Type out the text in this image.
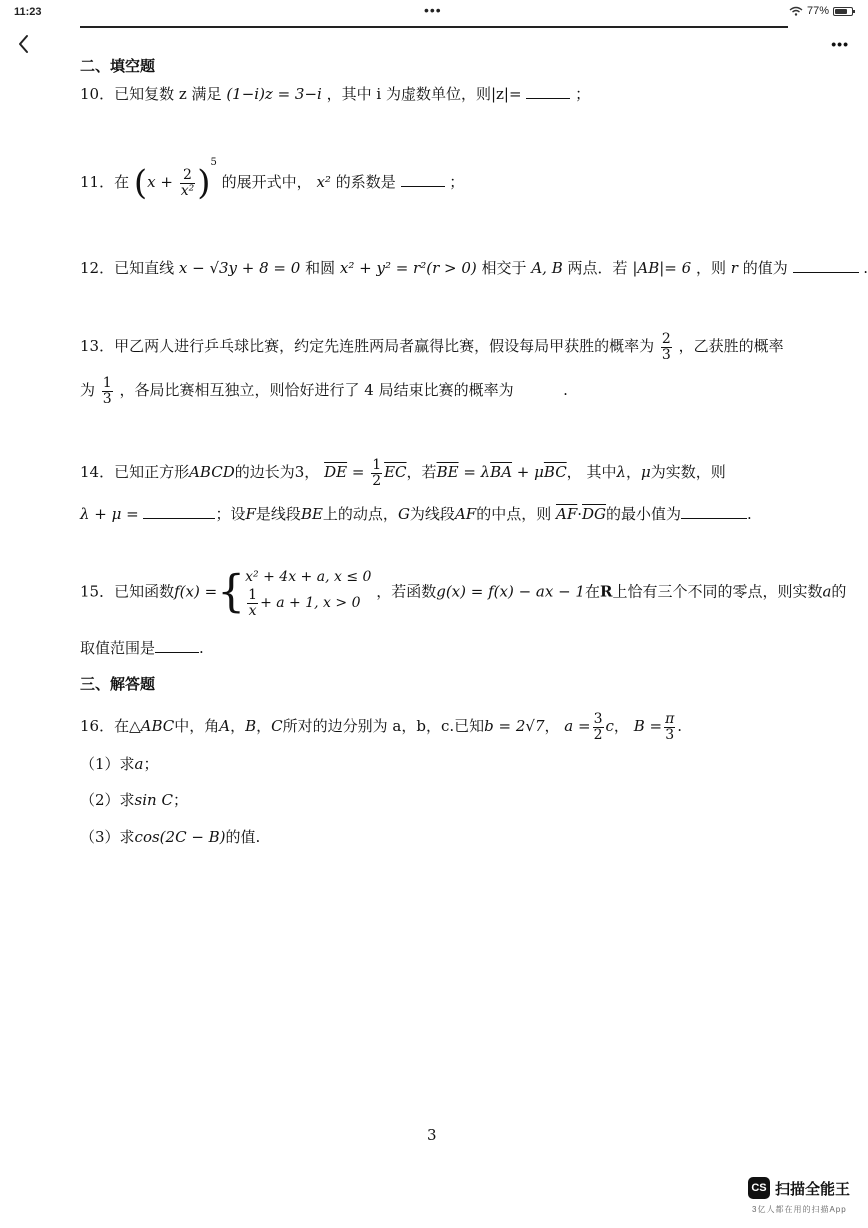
11:23	•••	77%
•••
二、填空题
10．已知复数 z 满足 (1−i)z = 3−i ，其中 i 为虚数单位，则|z|=	；
11．在 $(x + \frac{2}{\text{x²}} )^5$ 的展开式中， x² 的系数是	；
12．已知直线 x − √3y + 8 = 0 和圆 x² + y² = r²(r > 0) 相交于 A, B 两点．若 |AB|= 6 ，则 r 的值为	.
13．甲乙两人进行乒乓球比赛，约定先连胜两局者赢得比赛，假设每局甲获胜的概率为 $\frac{2}{3}$ ，乙获胜的概率
为 $\frac{1}{3}$ ，各局比赛相互独立，则恰好进行了 4 局结束比赛的概率为	.
14．已知正方形ABCD的边长为3， $\overline{DE} = \frac{1}{2} \overline{EC}$，若$\overline{BE} = \lambda\overline{BA} + \mu\overline{BC}$， 其中λ，μ为实数，则
λ + μ =	；设F是线段BE上的动点，G为线段AF的中点，则 $\overline{AF}\cdot\overline{DG}$的最小值为	.
15．已知函数f(x) ={ x² + 4x + a, x ≤ 0
$\frac{1}{x} + a + 1$, x > 0
，若函数g(x) = f(x) − ax − 1在R上恰有三个不同的零点，则实数a的
取值范围是	.
三、解答题
16．在△ABC中，角A，B，C所对的边分别为 a，b，c.已知b = 2√7， $a = \frac{3}{2}$ c， $B = \frac{\pi}{3}$ .
（1）求a；
（2）求sin C；
（3）求cos(2C − B)的值.
3
CS 扫描全能王
3亿人都在用的扫描App
